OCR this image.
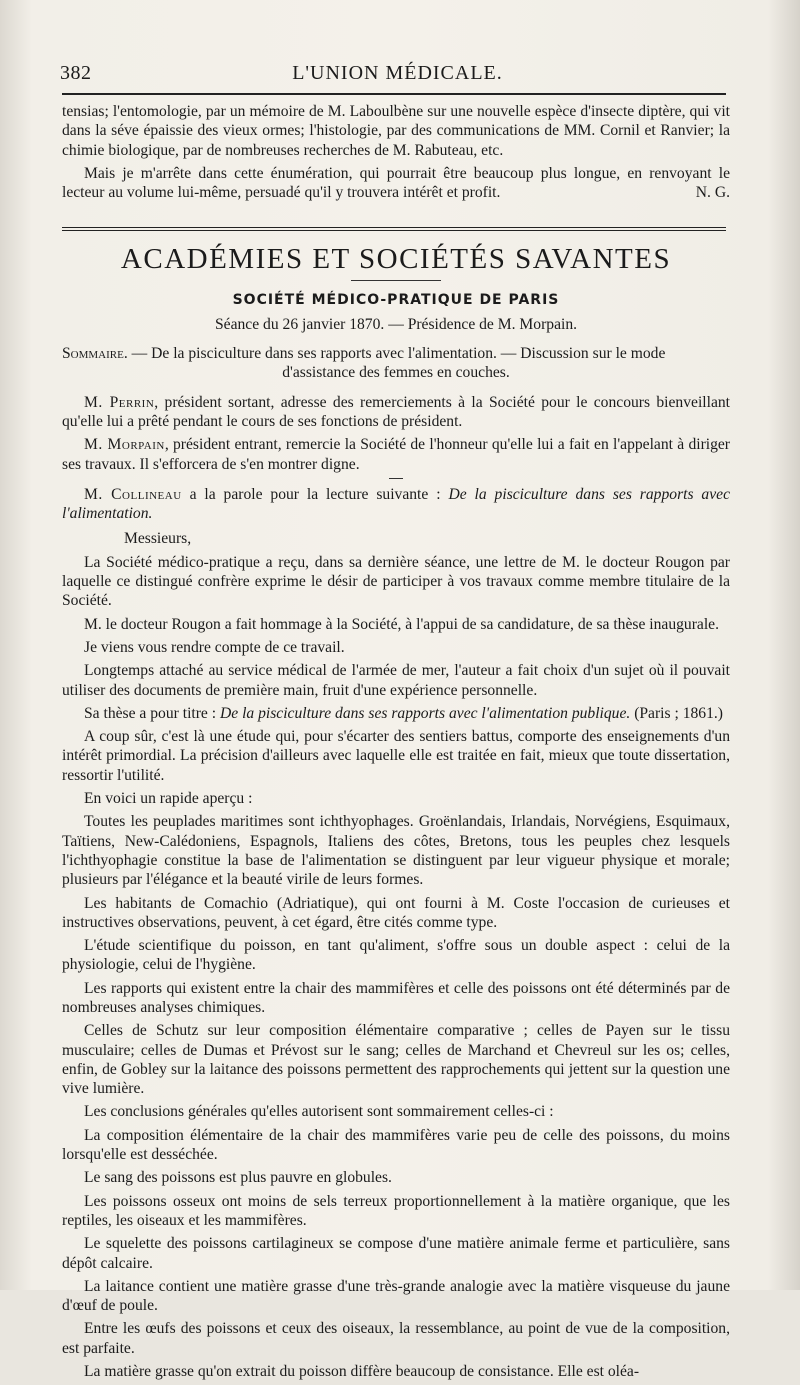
382	L'UNION MÉDICALE.

tensias; l'entomologie, par un mémoire de M. Laboulbène sur une nouvelle espèce d'insecte diptère, qui vit dans la séve épaissie des vieux ormes; l'histologie, par des communications de MM. Cornil et Ranvier; la chimie biologique, par de nombreuses recherches de M. Rabuteau, etc.

Mais je m'arrête dans cette énumération, qui pourrait être beaucoup plus longue, en renvoyant le lecteur au volume lui-même, persuadé qu'il y trouvera intérêt et profit.	N. G.

ACADÉMIES ET SOCIÉTÉS SAVANTES
SOCIÉTÉ MÉDICO-PRATIQUE DE PARIS
Séance du 26 janvier 1870. — Présidence de M. Morpain.

Sommaire. — De la pisciculture dans ses rapports avec l'alimentation. — Discussion sur le mode
d'assistance des femmes en couches.

M. Perrin, président sortant, adresse des remerciements à la Société pour le concours bienveillant qu'elle lui a prêté pendant le cours de ses fonctions de président.

M. Morpain, président entrant, remercie la Société de l'honneur qu'elle lui a fait en l'appelant à diriger ses travaux. Il s'efforcera de s'en montrer digne.

M. Collineau a la parole pour la lecture suivante : De la pisciculture dans ses rapports avec l'alimentation.

Messieurs,

La Société médico-pratique a reçu, dans sa dernière séance, une lettre de M. le docteur Rougon par laquelle ce distingué confrère exprime le désir de participer à vos travaux comme membre titulaire de la Société.

M. le docteur Rougon a fait hommage à la Société, à l'appui de sa candidature, de sa thèse inaugurale.

Je viens vous rendre compte de ce travail.

Longtemps attaché au service médical de l'armée de mer, l'auteur a fait choix d'un sujet où il pouvait utiliser des documents de première main, fruit d'une expérience personnelle.

Sa thèse a pour titre : De la pisciculture dans ses rapports avec l'alimentation publique. (Paris ; 1861.)

A coup sûr, c'est là une étude qui, pour s'écarter des sentiers battus, comporte des enseignements d'un intérêt primordial. La précision d'ailleurs avec laquelle elle est traitée en fait, mieux que toute dissertation, ressortir l'utilité.

En voici un rapide aperçu :

Toutes les peuplades maritimes sont ichthyophages. Groënlandais, Irlandais, Norvégiens, Esquimaux, Taïtiens, New-Calédoniens, Espagnols, Italiens des côtes, Bretons, tous les peuples chez lesquels l'ichthyophagie constitue la base de l'alimentation se distinguent par leur vigueur physique et morale; plusieurs par l'élégance et la beauté virile de leurs formes.

Les habitants de Comachio (Adriatique), qui ont fourni à M. Coste l'occasion de curieuses et instructives observations, peuvent, à cet égard, être cités comme type.

L'étude scientifique du poisson, en tant qu'aliment, s'offre sous un double aspect : celui de la physiologie, celui de l'hygiène.

Les rapports qui existent entre la chair des mammifères et celle des poissons ont été déterminés par de nombreuses analyses chimiques.

Celles de Schutz sur leur composition élémentaire comparative ; celles de Payen sur le tissu musculaire; celles de Dumas et Prévost sur le sang; celles de Marchand et Chevreul sur les os; celles, enfin, de Gobley sur la laitance des poissons permettent des rapprochements qui jettent sur la question une vive lumière.

Les conclusions générales qu'elles autorisent sont sommairement celles-ci :

La composition élémentaire de la chair des mammifères varie peu de celle des poissons, du moins lorsqu'elle est desséchée.

Le sang des poissons est plus pauvre en globules.

Les poissons osseux ont moins de sels terreux proportionnellement à la matière organique, que les reptiles, les oiseaux et les mammifères.

Le squelette des poissons cartilagineux se compose d'une matière animale ferme et particulière, sans dépôt calcaire.

La laitance contient une matière grasse d'une très-grande analogie avec la matière visqueuse du jaune d'œuf de poule.

Entre les œufs des poissons et ceux des oiseaux, la ressemblance, au point de vue de la composition, est parfaite.

La matière grasse qu'on extrait du poisson diffère beaucoup de consistance. Elle est oléa-
